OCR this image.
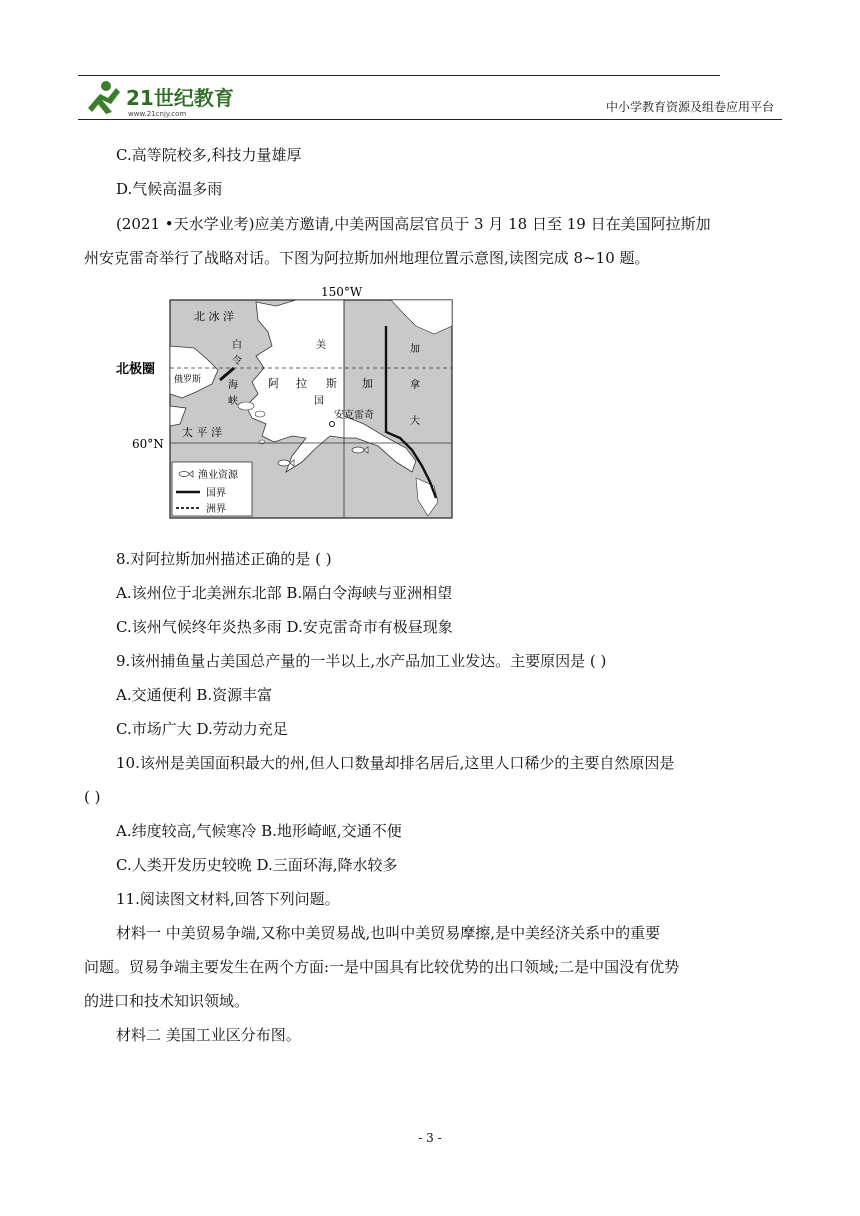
21世纪教育
www.21cnjy.com	中小学教育资源及组卷应用平台
C.高等院校多,科技力量雄厚
D.气候高温多雨
(2021 •天水学业考)应美方邀请,中美两国高层官员于 3 月 18 日至 19 日在美国阿拉斯加
州安克雷奇举行了战略对话。下图为阿拉斯加州地理位置示意图,读图完成 8~10 题。
150°W
北极圈
60°N
北 冰 洋
太 平 洋
白
令
海
峡
俄罗斯
美
阿 拉 斯 加
国
安克雷奇
加
拿
大
渔业资源
国界
洲界
8.对阿拉斯加州描述正确的是 ( )
A.该州位于北美洲东北部 B.隔白令海峡与亚洲相望
C.该州气候终年炎热多雨 D.安克雷奇市有极昼现象
9.该州捕鱼量占美国总产量的一半以上,水产品加工业发达。主要原因是 ( )
A.交通便利 B.资源丰富
C.市场广大 D.劳动力充足
10.该州是美国面积最大的州,但人口数量却排名居后,这里人口稀少的主要自然原因是
( )
A.纬度较高,气候寒冷 B.地形崎岖,交通不便
C.人类开发历史较晚 D.三面环海,降水较多
11.阅读图文材料,回答下列问题。
材料一 中美贸易争端,又称中美贸易战,也叫中美贸易摩擦,是中美经济关系中的重要
问题。贸易争端主要发生在两个方面:一是中国具有比较优势的出口领域;二是中国没有优势
的进口和技术知识领域。
材料二 美国工业区分布图。
- 3 -
